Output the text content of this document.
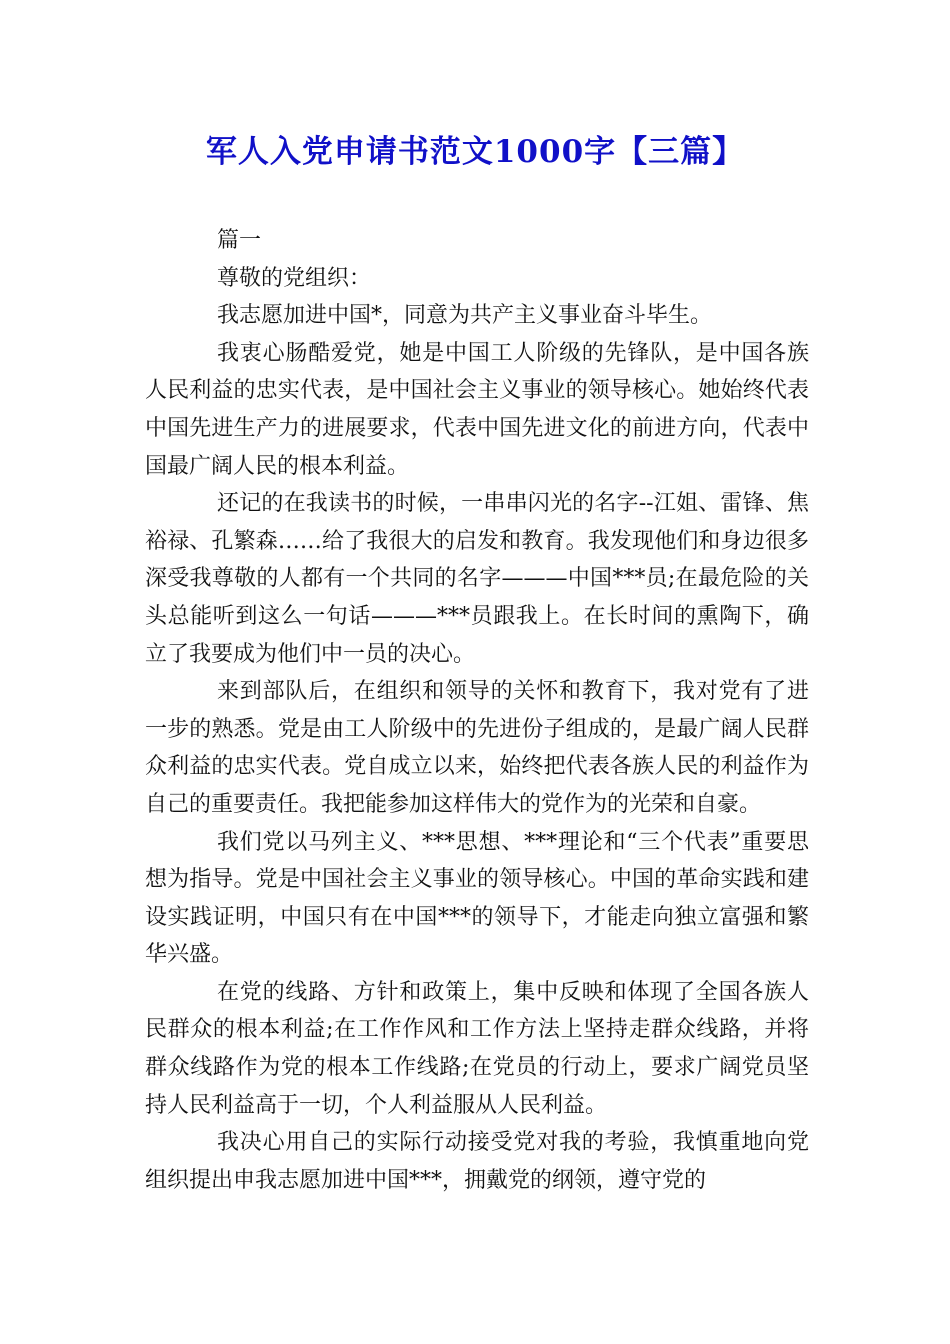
军人入党申请书范文1000字【三篇】

篇一

尊敬的党组织：

我志愿加进中国*，同意为共产主义事业奋斗毕生。

我衷心肠酷爱党，她是中国工人阶级的先锋队，是中国各族人民利益的忠实代表，是中国社会主义事业的领导核心。她始终代表中国先进生产力的进展要求，代表中国先进文化的前进方向，代表中国最广阔人民的根本利益。

还记的在我读书的时候，一串串闪光的名字--江姐、雷锋、焦裕禄、孔繁森……给了我很大的启发和教育。我发现他们和身边很多深受我尊敬的人都有一个共同的名字———中国***员;在最危险的关头总能听到这么一句话———***员跟我上。在长时间的熏陶下，确立了我要成为他们中一员的决心。

来到部队后，在组织和领导的关怀和教育下，我对党有了进一步的熟悉。党是由工人阶级中的先进份子组成的，是最广阔人民群众利益的忠实代表。党自成立以来，始终把代表各族人民的利益作为自己的重要责任。我把能参加这样伟大的党作为的光荣和自豪。

我们党以马列主义、***思想、***理论和“三个代表”重要思想为指导。党是中国社会主义事业的领导核心。中国的革命实践和建设实践证明，中国只有在中国***的领导下，才能走向独立富强和繁华兴盛。

在党的线路、方针和政策上，集中反映和体现了全国各族人民群众的根本利益;在工作作风和工作方法上坚持走群众线路，并将群众线路作为党的根本工作线路;在党员的行动上，要求广阔党员坚持人民利益高于一切，个人利益服从人民利益。

我决心用自己的实际行动接受党对我的考验，我慎重地向党组织提出申我志愿加进中国***，拥戴党的纲领，遵守党的
